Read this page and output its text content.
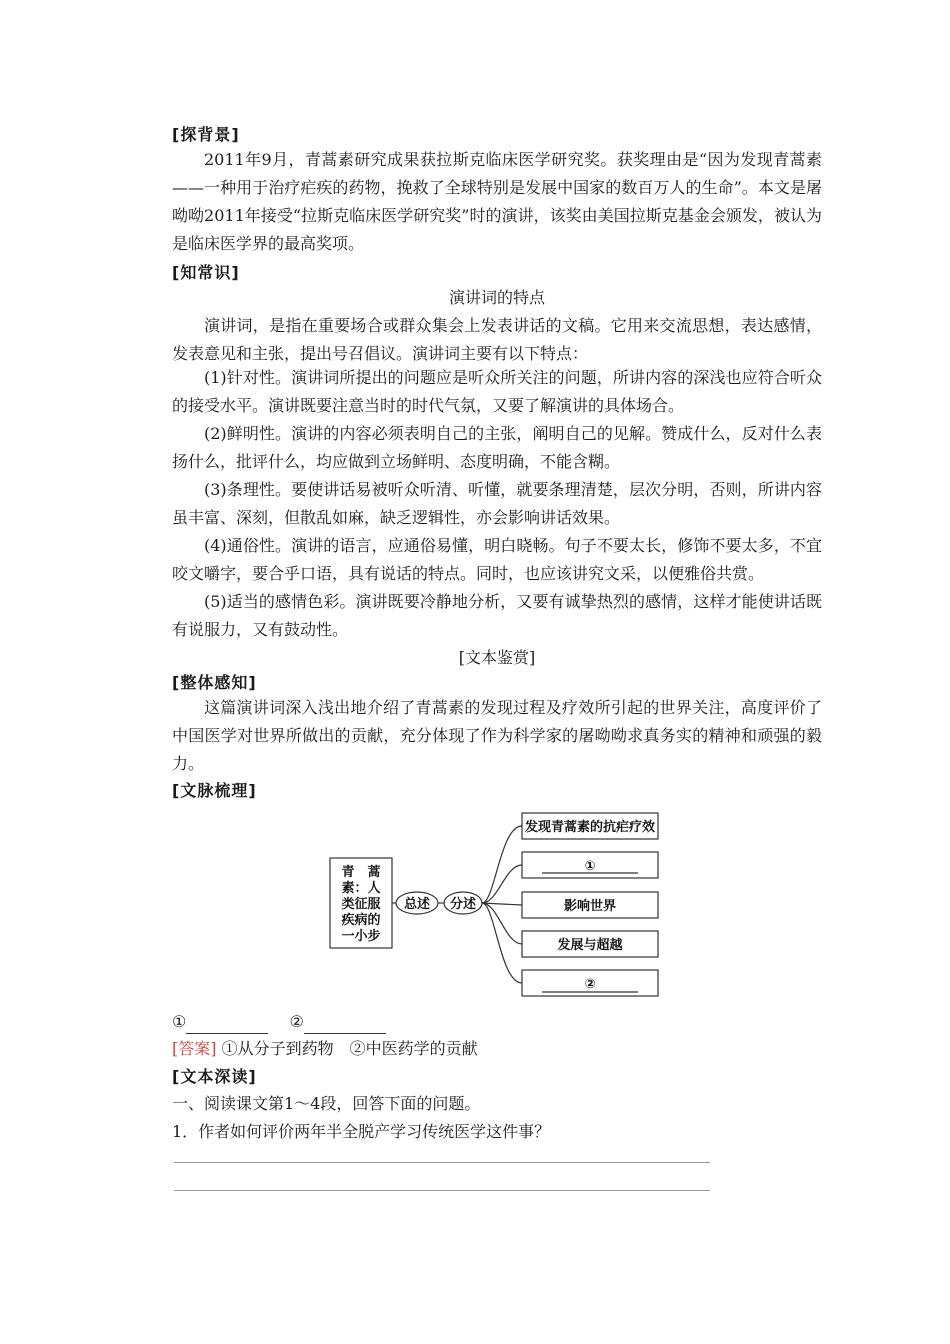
[探背景]
2011年9月，青蒿素研究成果获拉斯克临床医学研究奖。获奖理由是“因为发现青蒿素——一种用于治疗疟疾的药物，挽救了全球特别是发展中国家的数百万人的生命”。本文是屠呦呦2011年接受“拉斯克临床医学研究奖”时的演讲，该奖由美国拉斯克基金会颁发，被认为是临床医学界的最高奖项。
[知常识]
演讲词的特点
演讲词，是指在重要场合或群众集会上发表讲话的文稿。它用来交流思想，表达感情，发表意见和主张，提出号召倡议。演讲词主要有以下特点：
(1)针对性。演讲词所提出的问题应是听众所关注的问题，所讲内容的深浅也应符合听众的接受水平。演讲既要注意当时的时代气氛，又要了解演讲的具体场合。
(2)鲜明性。演讲的内容必须表明自己的主张，阐明自己的见解。赞成什么，反对什么表扬什么，批评什么，均应做到立场鲜明、态度明确，不能含糊。
(3)条理性。要使讲话易被听众听清、听懂，就要条理清楚，层次分明，否则，所讲内容虽丰富、深刻，但散乱如麻，缺乏逻辑性，亦会影响讲话效果。
(4)通俗性。演讲的语言，应通俗易懂，明白晓畅。句子不要太长，修饰不要太多，不宜咬文嚼字，要合乎口语，具有说话的特点。同时，也应该讲究文采，以便雅俗共赏。
(5)适当的感情色彩。演讲既要冷静地分析，又要有诚挚热烈的感情，这样才能使讲话既有说服力，又有鼓动性。
[文本鉴赏]
[整体感知]
这篇演讲词深入浅出地介绍了青蒿素的发现过程及疗效所引起的世界关注，高度评价了中国医学对世界所做出的贡献，充分体现了作为科学家的屠呦呦求真务实的精神和顽强的毅力。
[文脉梳理]
青　蒿
素：人
类征服
疾病的
一小步
总述 分述
发现青蒿素的抗疟疗效
①
影响世界
发展与超越
②
①	②
[答案] ①从分子到药物　②中医药学的贡献
[文本深读]
一、阅读课文第1～4段，回答下面的问题。
1．作者如何评价两年半全脱产学习传统医学这件事？
